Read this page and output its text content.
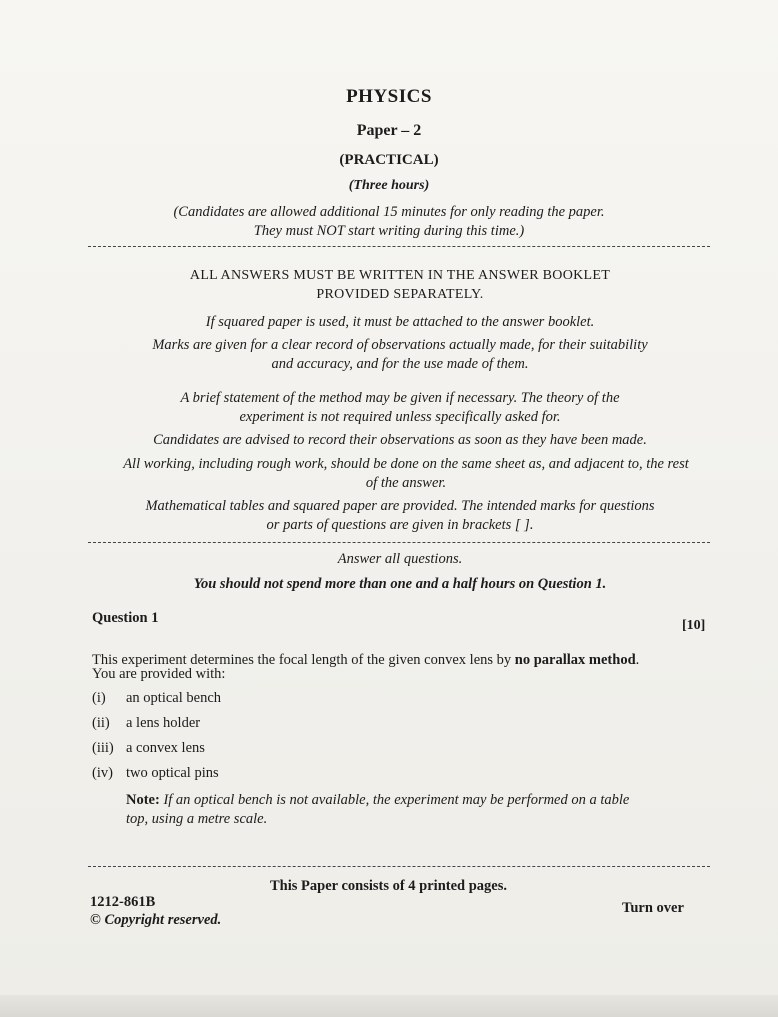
PHYSICS
Paper – 2
(PRACTICAL)
(Three hours)
(Candidates are allowed additional 15 minutes for only reading the paper.
They must NOT start writing during this time.)
ALL ANSWERS MUST BE WRITTEN IN THE ANSWER BOOKLET
PROVIDED SEPARATELY.
If squared paper is used, it must be attached to the answer booklet.
Marks are given for a clear record of observations actually made, for their suitability
and accuracy, and for the use made of them.
A brief statement of the method may be given if necessary. The theory of the
experiment is not required unless specifically asked for.
Candidates are advised to record their observations as soon as they have been made.
All working, including rough work, should be done on the same sheet as, and adjacent to, the rest
of the answer.
Mathematical tables and squared paper are provided. The intended marks for questions
or parts of questions are given in brackets [ ].
Answer all questions.
You should not spend more than one and a half hours on Question 1.
Question 1	[10]
This experiment determines the focal length of the given convex lens by no parallax method.
You are provided with:
(i) an optical bench
(ii) a lens holder
(iii) a convex lens
(iv) two optical pins
Note: If an optical bench is not available, the experiment may be performed on a table
top, using a metre scale.
This Paper consists of 4 printed pages.
1212-861B
© Copyright reserved.
Turn over
